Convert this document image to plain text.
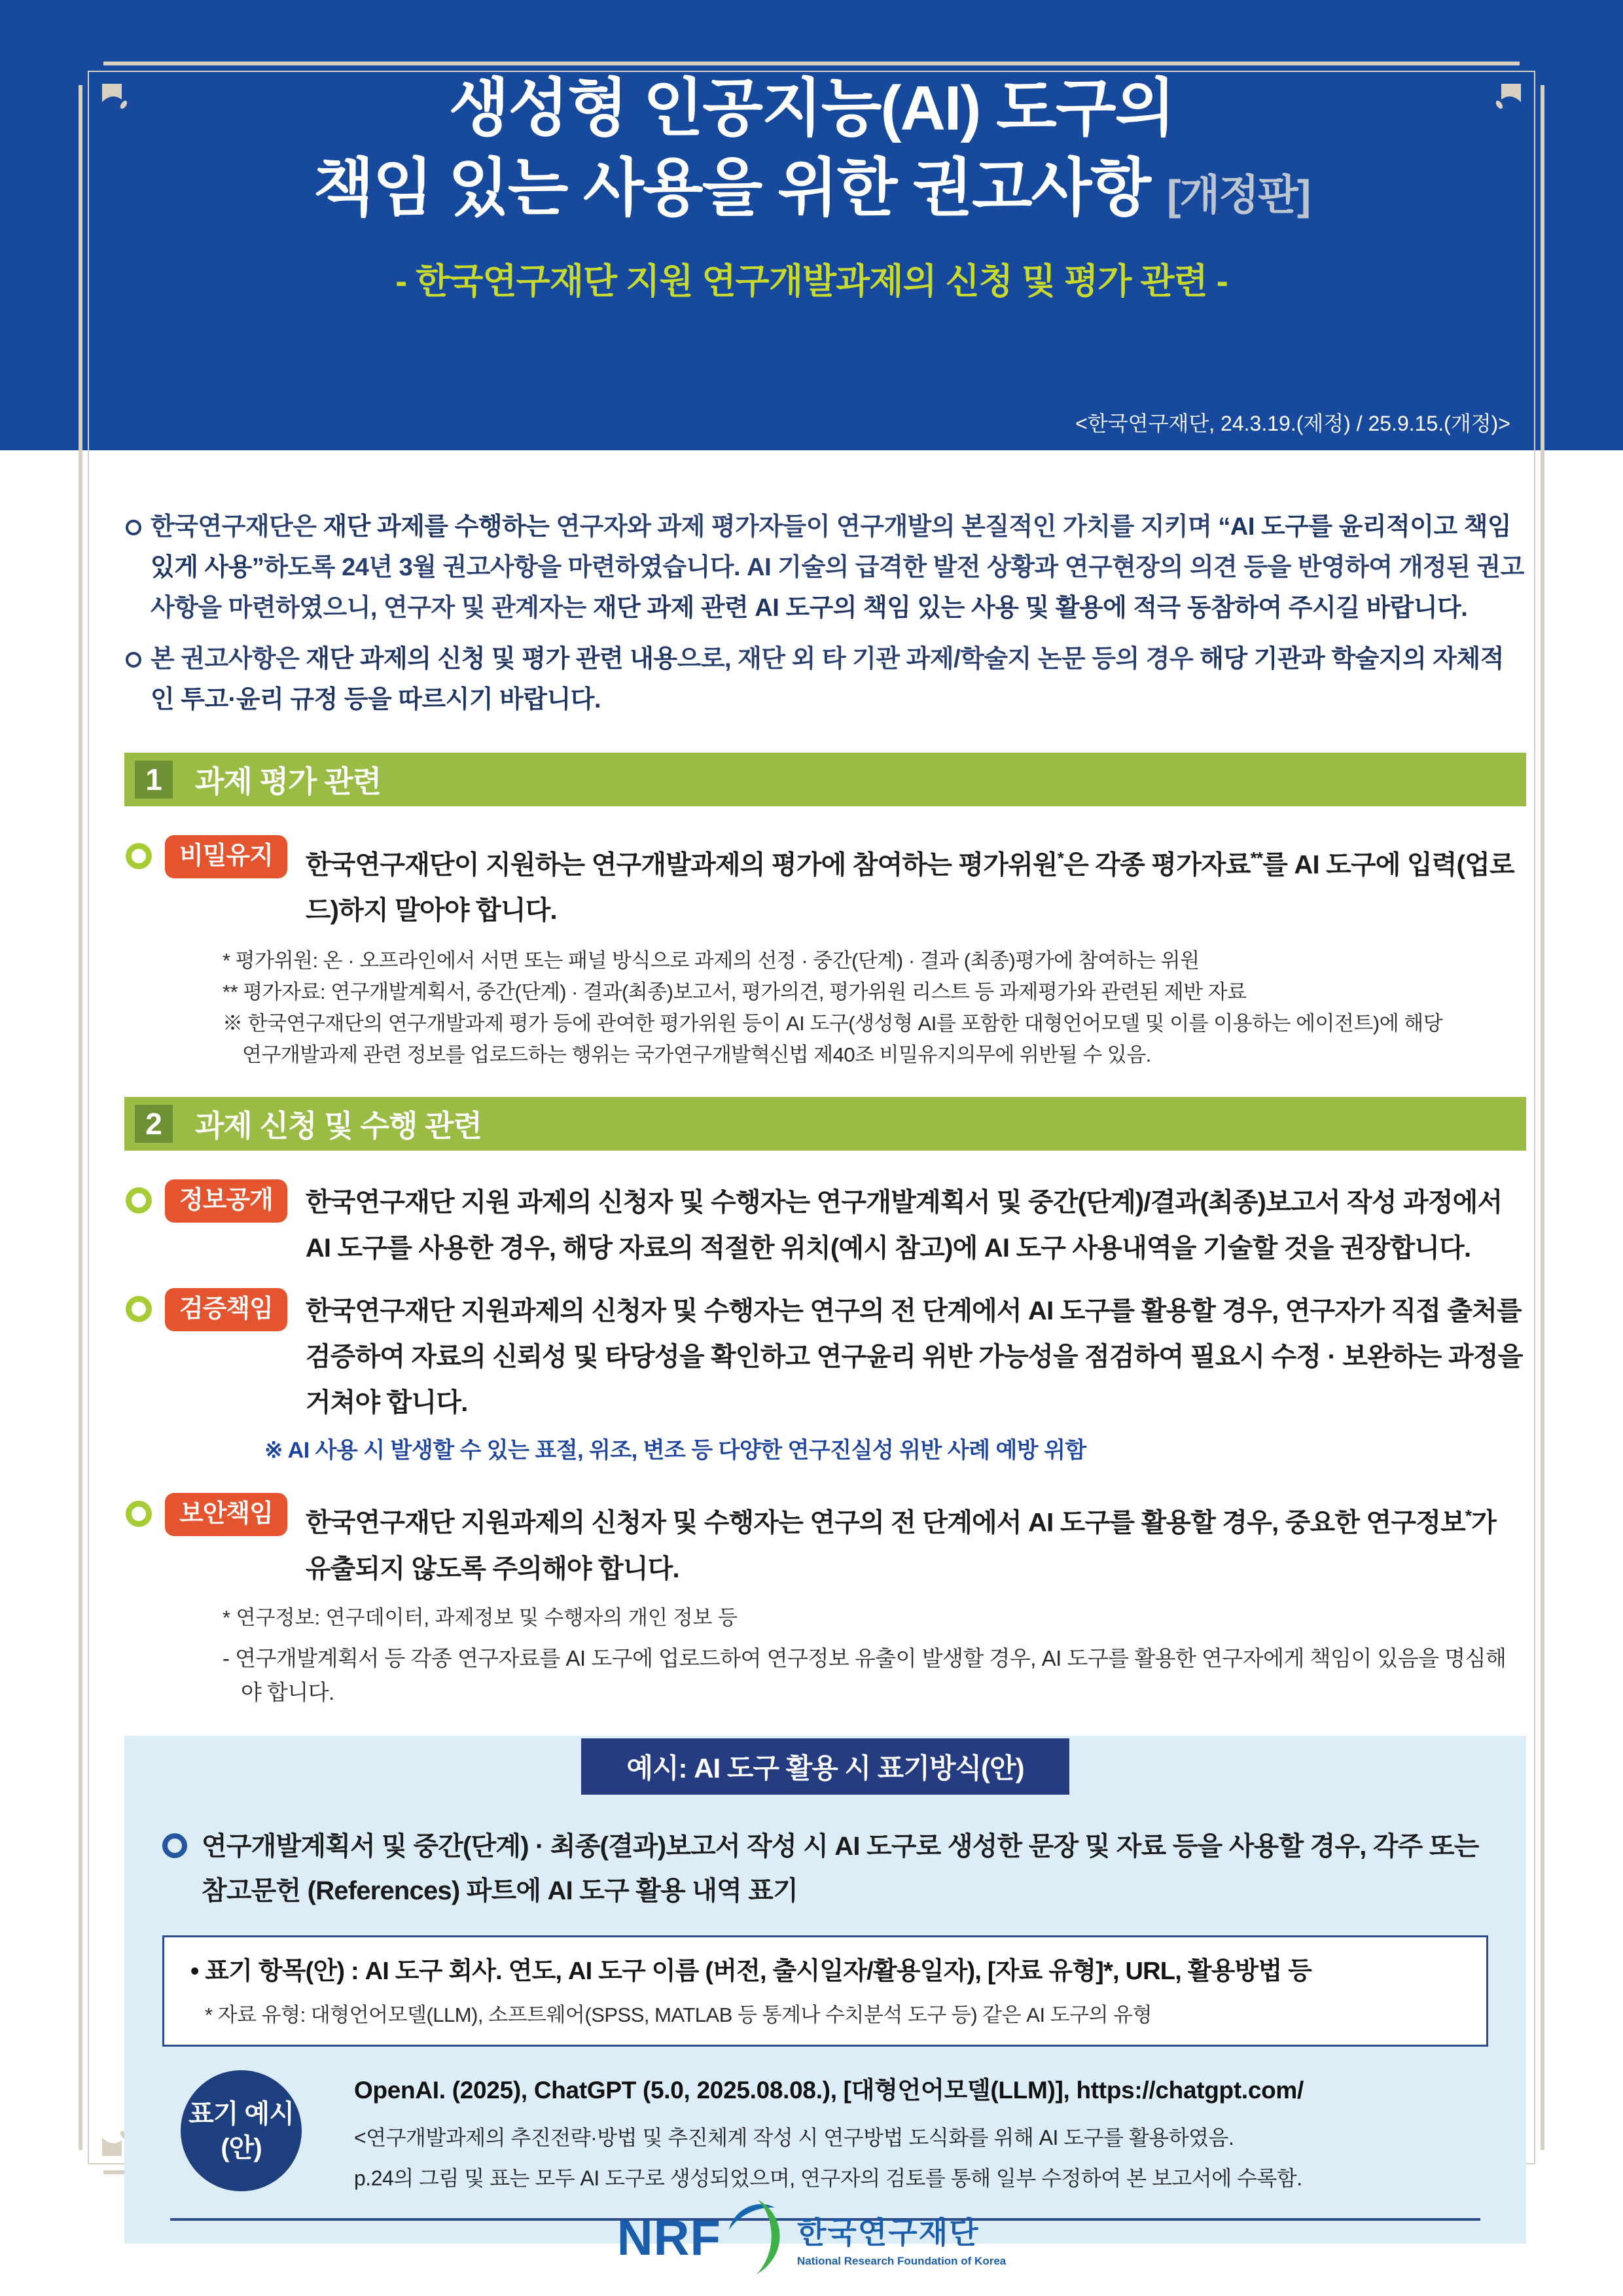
생성형 인공지능(AI) 도구의
책임 있는 사용을 위한 권고사항 [개정판]
- 한국연구재단 지원 연구개발과제의 신청 및 평가 관련 -
<한국연구재단, 24.3.19.(제정) / 25.9.15.(개정)>
한국연구재단은 재단 과제를 수행하는 연구자와 과제 평가자들이 연구개발의 본질적인 가치를 지키며 “AI 도구를 윤리적이고 책임 있게 사용”하도록 24년 3월 권고사항을 마련하였습니다. AI 기술의 급격한 발전 상황과 연구현장의 의견 등을 반영하여 개정된 권고사항을 마련하였으니, 연구자 및 관계자는 재단 과제 관련 AI 도구의 책임 있는 사용 및 활용에 적극 동참하여 주시길 바랍니다.
본 권고사항은 재단 과제의 신청 및 평가 관련 내용으로, 재단 외 타 기관 과제/학술지 논문 등의 경우 해당 기관과 학술지의 자체적인 투고·윤리 규정 등을 따르시기 바랍니다.
1	과제 평가 관련
비밀유지	한국연구재단이 지원하는 연구개발과제의 평가에 참여하는 평가위원*은 각종 평가자료**를 AI 도구에 입력(업로드)하지 말아야 합니다.
* 평가위원: 온 · 오프라인에서 서면 또는 패널 방식으로 과제의 선정 · 중간(단계) · 결과 (최종)평가에 참여하는 위원
** 평가자료: 연구개발계획서, 중간(단계) · 결과(최종)보고서, 평가의견, 평가위원 리스트 등 과제평가와 관련된 제반 자료
※ 한국연구재단의 연구개발과제 평가 등에 관여한 평가위원 등이 AI 도구(생성형 AI를 포함한 대형언어모델 및 이를 이용하는 에이전트)에 해당
연구개발과제 관련 정보를 업로드하는 행위는 국가연구개발혁신법 제40조 비밀유지의무에 위반될 수 있음.
2	과제 신청 및 수행 관련
정보공개	한국연구재단 지원 과제의 신청자 및 수행자는 연구개발계획서 및 중간(단계)/결과(최종)보고서 작성 과정에서 AI 도구를 사용한 경우, 해당 자료의 적절한 위치(예시 참고)에 AI 도구 사용내역을 기술할 것을 권장합니다.
검증책임	한국연구재단 지원과제의 신청자 및 수행자는 연구의 전 단계에서 AI 도구를 활용할 경우, 연구자가 직접 출처를 검증하여 자료의 신뢰성 및 타당성을 확인하고 연구윤리 위반 가능성을 점검하여 필요시 수정 · 보완하는 과정을 거쳐야 합니다.
※ AI 사용 시 발생할 수 있는 표절, 위조, 변조 등 다양한 연구진실성 위반 사례 예방 위함
보안책임	한국연구재단 지원과제의 신청자 및 수행자는 연구의 전 단계에서 AI 도구를 활용할 경우, 중요한 연구정보*가 유출되지 않도록 주의해야 합니다.
* 연구정보: 연구데이터, 과제정보 및 수행자의 개인 정보 등
- 연구개발계획서 등 각종 연구자료를 AI 도구에 업로드하여 연구정보 유출이 발생할 경우, AI 도구를 활용한 연구자에게 책임이 있음을 명심해야 합니다.
예시: AI 도구 활용 시 표기방식(안)
연구개발계획서 및 중간(단계) · 최종(결과)보고서 작성 시 AI 도구로 생성한 문장 및 자료 등을 사용할 경우, 각주 또는 참고문헌 (References) 파트에 AI 도구 활용 내역 표기
• 표기 항목(안) : AI 도구 회사. 연도, AI 도구 이름 (버전, 출시일자/활용일자), [자료 유형]*, URL, 활용방법 등
* 자료 유형: 대형언어모델(LLM), 소프트웨어(SPSS, MATLAB 등 통계나 수치분석 도구 등) 같은 AI 도구의 유형
표기 예시
(안)
OpenAI. (2025), ChatGPT (5.0, 2025.08.08.), [대형언어모델(LLM)], https://chatgpt.com/
<연구개발과제의 추진전략·방법 및 추진체계 작성 시 연구방법 도식화를 위해 AI 도구를 활용하였음.
p.24의 그림 및 표는 모두 AI 도구로 생성되었으며, 연구자의 검토를 통해 일부 수정하여 본 보고서에 수록함.
NRF	한국연구재단
National Research Foundation of Korea
